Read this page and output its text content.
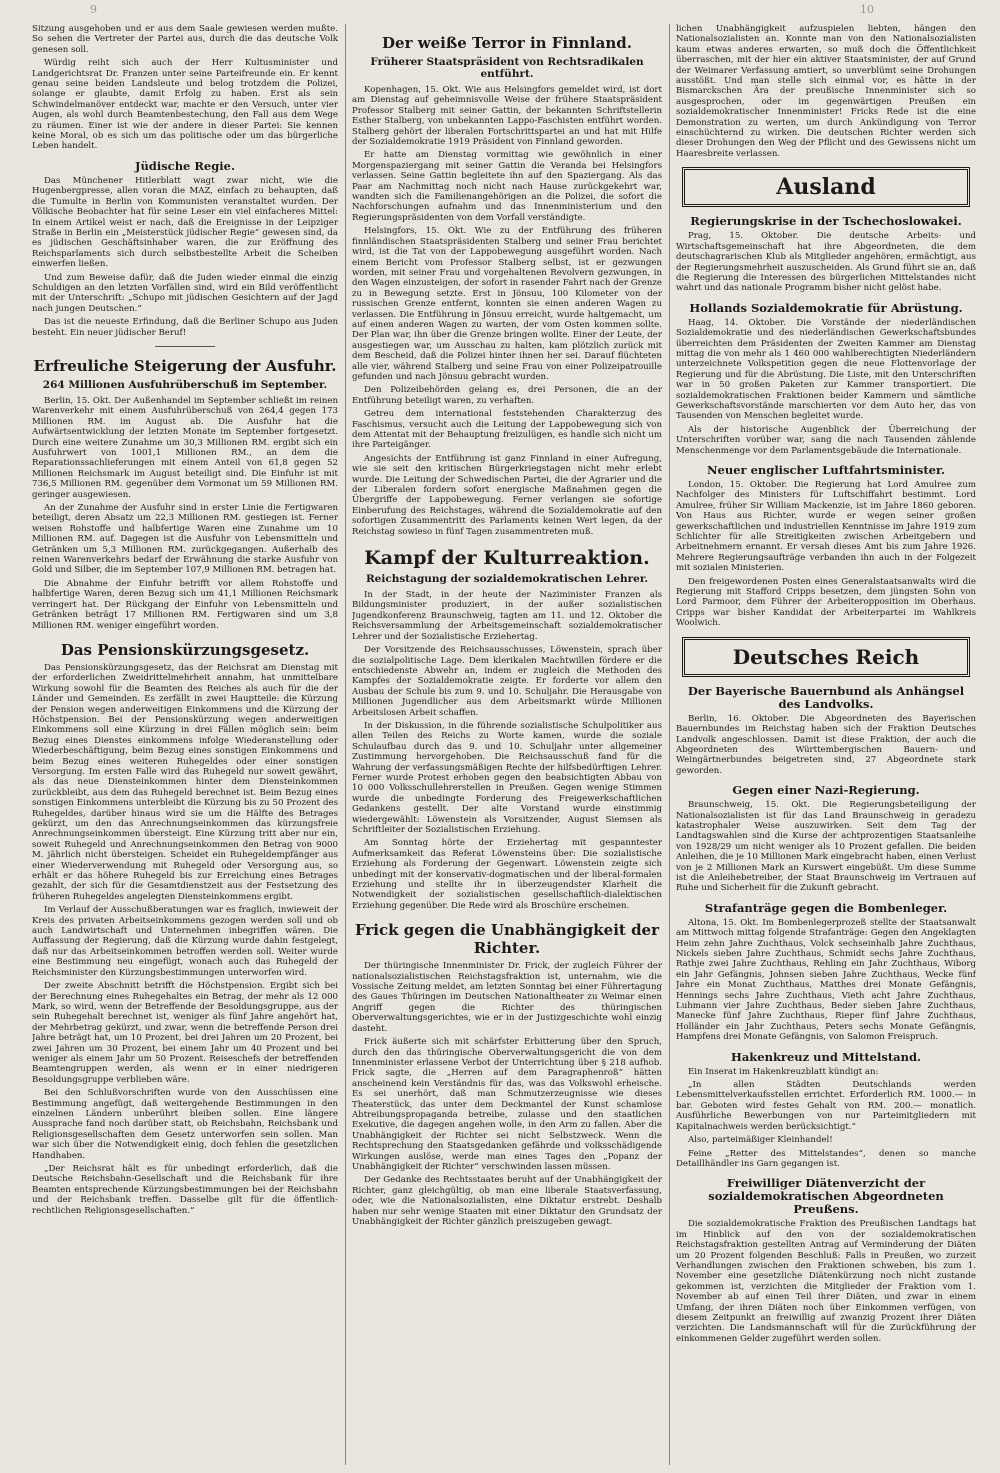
9	10

Sitzung ausgehoben und er aus dem Saale gewiesen werden mußte. So sehen die Vertreter der Partei aus, durch die das deutsche Volk genesen soll.

Würdig reiht sich auch der Herr Kultusminister und Landgerichtsrat Dr. Franzen unter seine Parteifreunde ein. Er kennt genau seine beiden Landsleute und belog trotzdem die Polizei, solange er glaubte, damit Erfolg zu haben. Erst als sein Schwindelmanöver entdeckt war, machte er den Versuch, unter vier Augen, als wohl durch Beamtenbestechung, den Fall aus dem Wege zu räumen. Einer ist wie der andere in dieser Partei: Sie kennen keine Moral, ob es sich um das politische oder um das bürgerliche Leben handelt.

Jüdische Regie.

Das Münchener Hitlerblatt wagt zwar nicht, wie die Hugenbergpresse, allen voran die MAZ, einfach zu behaupten, daß die Tumulte in Berlin von Kommunisten veranstaltet wurden. Der Völkische Beobachter hat für seine Leser ein viel einfacheres Mittel: In einem Artikel weist er nach, daß die Ereignisse in der Leipziger Straße in Berlin ein „Meisterstück jüdischer Regie“ gewesen sind, da es jüdischen Geschäftsinhaber waren, die zur Eröffnung des Reichsparlaments sich durch selbstbestellte Arbeit die Scheiben einwerfen ließen.

Und zum Beweise dafür, daß die Juden wieder einmal die einzig Schuldigen an den letzten Vorfällen sind, wird ein Bild veröffentlicht mit der Unterschrift: „Schupo mit jüdischen Gesichtern auf der Jagd nach jungen Deutschen.“

Das ist die neueste Erfindung, daß die Berliner Schupo aus Juden besteht. Ein neuer jüdischer Beruf!

Erfreuliche Steigerung der Ausfuhr.
264 Millionen Ausfuhrüberschuß im September.

Berlin, 15. Okt. Der Außenhandel im September schließt im reinen Warenverkehr mit einem Ausfuhrüberschuß von 264,4 gegen 173 Millionen RM. im August ab. Die Ausfuhr hat die Aufwärtsentwicklung der letzten Monate im September fortgesetzt. Durch eine weitere Zunahme um 30,3 Millionen RM. ergibt sich ein Ausfuhrwert von 1001,1 Millionen RM., an dem die Reparationssachlieferungen mit einem Anteil von 61,8 gegen 52 Millionen Reichsmark im August beteiligt sind. Die Einfuhr ist mit 736,5 Millionen RM. gegenüber dem Vormonat um 59 Millionen RM. geringer ausgewiesen.

An der Zunahme der Ausfuhr sind in erster Linie die Fertigwaren beteiligt, deren Absatz um 22,3 Millionen RM. gestiegen ist. Ferner weisen Rohstoffe und halbfertige Waren eine Zunahme um 10 Millionen RM. auf. Dagegen ist die Ausfuhr von Lebensmitteln und Getränken um 5,3 Millionen RM. zurückgegangen. Außerhalb des reinen Warenverkehrs bedarf der Erwähnung die starke Ausfuhr von Gold und Silber, die im September 107,9 Millionen RM. betragen hat.

Die Abnahme der Einfuhr betrifft vor allem Rohstoffe und halbfertige Waren, deren Bezug sich um 41,1 Millionen Reichsmark verringert hat. Der Rückgang der Einfuhr von Lebensmitteln und Getränken beträgt 17 Millionen RM. Fertigwaren sind um 3,8 Millionen RM. weniger eingeführt worden.

Das Pensionskürzungsgesetz.

Das Pensionskürzungsgesetz, das der Reichsrat am Dienstag mit der erforderlichen Zweidrittelmehrheit annahm, hat unmittelbare Wirkung sowohl für die Beamten des Reiches als auch für die der Länder und Gemeinden. Es zerfällt in zwei Hauptteile: die Kürzung der Pension wegen anderweitigen Einkommens und die Kürzung der Höchstpension. Bei der Pensionskürzung wegen anderweitigen Einkommens soll eine Kürzung in drei Fällen möglich sein: beim Bezug eines Dienstes einkommens infolge Wiederanstellung oder Wiederbeschäftigung, beim Bezug eines sonstigen Einkommens und beim Bezug eines weiteren Ruhegeldes oder einer sonstigen Versorgung. Im ersten Falle wird das Ruhegeld nur soweit gewährt, als das neue Diensteinkommen hinter dem Diensteinkommen zurückbleibt, aus dem das Ruhegeld berechnet ist. Beim Bezug eines sonstigen Einkommens unterbleibt die Kürzung bis zu 50 Prozent des Ruhegeldes, darüber hinaus wird sie um die Hälfte des Betrages gekürzt, um den das Anrechnungseinkommen das kürzungsfreie Anrechnungseinkommen übersteigt. Eine Kürzung tritt aber nur ein, soweit Ruhegeld und Anrechnungseinkommen den Betrag von 9000 M. jährlich nicht übersteigen. Scheidet ein Ruhegeldempfänger aus einer Wiederverwendung mit Ruhegeld oder Versorgung aus, so erhält er das höhere Ruhegeld bis zur Erreichung eines Betrages gezahlt, der sich für die Gesamtdienstzeit aus der Festsetzung des früheren Ruhegeldes angelegten Diensteinkommens ergibt.

Im Verlauf der Ausschußberatungen war es fraglich, inwieweit der Kreis des privaten Arbeitseinkommens gezogen werden soll und ob auch Landwirtschaft und Unternehmen inbegriffen wären. Die Auffassung der Regierung, daß die Kürzung wurde dahin festgelegt, daß nur das Arbeitseinkommen betroffen werden soll. Weiter wurde eine Bestimmung neu eingefügt, wonach auch das Ruhegeld der Reichsminister den Kürzungsbestimmungen unterworfen wird.

Der zweite Abschnitt betrifft die Höchstpension. Ergibt sich bei der Berechnung eines Ruhegehaltes ein Betrag, der mehr als 12 000 Mark, so wird, wenn der Betreffende der Besoldungsgruppe, aus der sein Ruhegehalt berechnet ist, weniger als fünf Jahre angehört hat, der Mehrbetrag gekürzt, und zwar, wenn die betreffende Person drei Jahre beträgt hat, um 10 Prozent, bei drei Jahren um 20 Prozent, bei zwei Jahren um 30 Prozent, bei einem Jahr um 40 Prozent und bei weniger als einem Jahr um 50 Prozent. Reiseschefs der betreffenden Beamtengruppen werden, als wenn er in einer niedrigeren Besoldungsgruppe verblieben wäre.

Bei den Schlußvorschriften wurde von den Ausschüssen eine Bestimmung angefügt, daß weitergehende Bestimmungen in den einzelnen Ländern unberührt bleiben sollen. Eine längere Aussprache fand noch darüber statt, ob Reichsbahn, Reichsbank und Religionsgesellschaften dem Gesetz unterworfen sein sollen. Man war sich über die Notwendigkeit einig, doch fehlen die gesetzlichen Handhaben.

„Der Reichsrat hält es für unbedingt erforderlich, daß die Deutsche Reichsbahn-Gesellschaft und die Reichsbank für ihre Beamten entsprechende Kürzungsbestimmungen bei der Reichsbahn und der Reichsbank treffen. Dasselbe gilt für die öffentlich-rechtlichen Religionsgesellschaften.“

Der weiße Terror in Finnland.
Früherer Staatspräsident von Rechtsradikalen entführt.

Kopenhagen, 15. Okt. Wie aus Helsingfors gemeldet wird, ist dort am Dienstag auf geheimnisvolle Weise der frühere Staatspräsident Professor Stalberg mit seiner Gattin, der bekannten Schriftstellerin Esther Stalberg, von unbekannten Lappo-Faschisten entführt worden. Stalberg gehört der liberalen Fortschrittspartei an und hat mit Hilfe der Sozialdemokratie 1919 Präsident von Finnland geworden.

Er hatte am Dienstag vormittag wie gewöhnlich in einer Morgenspaziergang mit seiner Gattin die Veranda bei Helsingfors verlassen. Seine Gattin begleitete ihn auf den Spaziergang. Als das Paar am Nachmittag noch nicht nach Hause zurückgekehrt war, wandten sich die Familienangehörigen an die Polizei, die sofort die Nachforschungen aufnahm und das Innenministerium und den Regierungspräsidenten von dem Vorfall verständigte.

Helsingfors, 15. Okt. Wie zu der Entführung des früheren finnländischen Staatspräsidenten Stalberg und seiner Frau berichtet wird, ist die Tat von der Lappobewegung ausgeführt worden. Nach einem Bericht vom Professor Stalberg selbst, ist er gezwungen worden, mit seiner Frau und vorgehaltenen Revolvern gezwungen, in den Wagen einzusteigen, der sofort in rasender Fahrt nach der Grenze zu in Bewegung setzte. Erst in Jönsuu, 100 Kilometer von der russischen Grenze entfernt, konnten sie einen anderen Wagen zu verlassen. Die Entführung in Jönsuu erreicht, wurde haltgemacht, um auf einen anderen Wagen zu warten, der vom Osten kommen sollte. Der Plan war, ihn über die Grenze bringen wollte. Einer der Leute, der ausgestiegen war, um Ausschau zu halten, kam plötzlich zurück mit dem Bescheid, daß die Polizei hinter ihnen her sei. Darauf flüchteten alle vier, während Stalberg und seine Frau von einer Polizeipatrouille gefunden und nach Jönsuu gebracht wurden.

Den Polizeibehörden gelang es, drei Personen, die an der Entführung beteiligt waren, zu verhaften.

Getreu dem international feststehenden Charakterzug des Faschismus, versucht auch die Leitung der Lappobewegung sich von dem Attentat mit der Behauptung freizulügen, es handle sich nicht um ihre Parteigänger.

Angesichts der Entführung ist ganz Finnland in einer Aufregung, wie sie seit den kritischen Bürgerkriegstagen nicht mehr erlebt wurde. Die Leitung der Schwedischen Partei, die der Agrarier und die der Liberalen fordern sofort energische Maßnahmen gegen die Übergriffe der Lappobewegung. Ferner verlangen sie sofortige Einberufung des Reichstages, während die Sozialdemokratie auf den sofortigen Zusammentritt des Parlaments keinen Wert legen, da der Reichstag sowieso in fünf Tagen zusammentreten muß.

Kampf der Kulturreaktion.
Reichstagung der sozialdemokratischen Lehrer.

In der Stadt, in der heute der Naziminister Franzen als Bildungsminister produziert, in der außer sozialistischen Jugendkonferenz Braunschweig, tagten am 11. und 12. Oktober die Reichsversammlung der Arbeitsgemeinschaft sozialdemokratischer Lehrer und der Sozialistische Erziehertag.

Der Vorsitzende des Reichsausschusses, Löwenstein, sprach über die sozialpolitische Lage. Dem klerikalen Machtwillen fördere er die entschiedenste Abwehr an, indem er zugleich die Methoden des Kampfes der Sozialdemokratie zeigte. Er forderte vor allem den Ausbau der Schule bis zum 9. und 10. Schuljahr. Die Herausgabe von Millionen Jugendlicher aus dem Arbeitsmarkt würde Millionen Arbeitslosen Arbeit schaffen.

In der Diskussion, in die führende sozialistische Schulpolitiker aus allen Teilen des Reichs zu Worte kamen, wurde die soziale Schulaufbau durch das 9. und 10. Schuljahr unter allgemeiner Zustimmung hervorgehoben. Die Reichsausschuß fand für die Wahrung der verfassungsmäßigen Rechte der hilfsbedürftigen Lehrer. Ferner wurde Protest erhoben gegen den beabsichtigten Abbau von 10 000 Volksschullehrerstellen in Preußen. Gegen wenige Stimmen wurde die unbedingte Forderung des Freigewerkschaftlichen Gedankens gestellt. Der alte Vorstand wurde einstimmig wiedergewählt: Löwenstein als Vorsitzender, August Siemsen als Schriftleiter der Sozialistischen Erziehung.

Am Sonntag hörte der Erziehertag mit gespanntester Aufmerksamkeit das Referat Löwensteins über: Die sozialistische Erziehung als Forderung der Gegenwart. Löwenstein zeigte sich unbedingt mit der konservativ-dogmatischen und der liberal-formalen Erziehung und stellte ihr in überzeugendster Klarheit die Notwendigkeit der sozialistischen gesellschaftlich-dialektischen Erziehung gegenüber. Die Rede wird als Broschüre erscheinen.

Frick gegen die Unabhängigkeit der Richter.

Der thüringische Innenminister Dr. Frick, der zugleich Führer der nationalsozialistischen Reichstagsfraktion ist, unternahm, wie die Vossische Zeitung meldet, am letzten Sonntag bei einer Führertagung des Gaues Thüringen im Deutschen Nationaltheater zu Weimar einen Angriff gegen die Richter des thüringischen Oberverwaltungsgerichtes, wie er in der Justizgeschichte wohl einzig dasteht.

Frick äußerte sich mit schärfster Erbitterung über den Spruch, durch den das thüringische Oberverwaltungsgericht die von dem Innenminister erlassene Verbot der Unterrichtung über § 218 aufhob. Frick sagte, die „Herren auf dem Paragraphenroß“ hätten anscheinend kein Verständnis für das, was das Volkswohl erheische. Es sei unerhört, daß man Schmutzerzeugnisse wie dieses Theaterstück, das unter dem Deckmantel der Kunst schamlose Abtreibungspropaganda betreibe, zulasse und den staatlichen Exekutive, die dagegen angehen wolle, in den Arm zu fallen. Aber die Unabhängigkeit der Richter sei nicht Selbstzweck. Wenn die Rechtsprechung den Staatsgedanken gefährde und volksschädigende Wirkungen auslöse, werde man eines Tages den „Popanz der Unabhängigkeit der Richter“ verschwinden lassen müssen.

Der Gedanke des Rechtsstaates beruht auf der Unabhängigkeit der Richter, ganz gleichgültig, ob man eine liberale Staatsverfassung, oder, wie die Nationalsozialisten, eine Diktatur erstrebt. Deshalb haben nur sehr wenige Staaten mit einer Diktatur den Grundsatz der Unabhängigkeit der Richter gänzlich preiszugeben gewagt.

lichen Unabhängigkeit aufzuspielen liebten, hängen den Nationalsozialisten an. Konnte man von den Nationalsozialisten kaum etwas anderes erwarten, so muß doch die Öffentlichkeit überraschen, mit der hier ein aktiver Staatsminister, der auf Grund der Weimarer Verfassung amtiert, so unverblümt seine Drohungen ausstößt. Und man stelle sich einmal vor, es hätte in der Bismarckschen Ära der preußische Innenminister sich so ausgesprochen, oder im gegenwärtigen Preußen ein sozialdemokratischer Innenminister! Fricks Rede ist die eine Demonstration zu werten, um durch Ankündigung von Terror einschüchternd zu wirken. Die deutschen Richter werden sich dieser Drohungen den Weg der Pflicht und des Gewissens nicht um Haaresbreite verlassen.

Ausland
Regierungskrise in der Tschechoslowakei.

Prag, 15. Oktober. Die deutsche Arbeits- und Wirtschaftsgemeinschaft hat ihre Abgeordneten, die dem deutschagrarischen Klub als Mitglieder angehören, ermächtigt, aus der Regierungsmehrheit auszuscheiden. Als Grund führt sie an, daß die Regierung die Interessen des bürgerlichen Mittelstandes nicht wahrt und das nationale Programm bisher nicht gelöst habe.

Hollands Sozialdemokratie für Abrüstung.

Haag, 14. Oktober. Die Vorstände der niederländischen Sozialdemokratie und des niederländischen Gewerkschaftsbundes überreichten dem Präsidenten der Zweiten Kammer am Dienstag mittag die von mehr als 1 460 000 wahlberechtigten Niederländern unterzeichnete Volkspetition gegen die neue Flottenvorlage der Regierung und für die Abrüstung. Die Liste, mit den Unterschriften war in 50 großen Paketen zur Kammer transportiert. Die sozialdemokratischen Fraktionen beider Kammern und sämtliche Gewerkschaftsvorstände marschierten vor dem Auto her, das von Tausenden von Menschen begleitet wurde.

Als der historische Augenblick der Überreichung der Unterschriften vorüber war, sang die nach Tausenden zählende Menschenmenge vor dem Parlamentsgebäude die Internationale.

Neuer englischer Luftfahrtsminister.

London, 15. Oktober. Die Regierung hat Lord Amulree zum Nachfolger des Ministers für Luftschiffahrt bestimmt. Lord Amulree, früher Sir William Mackenzie, ist im Jahre 1860 geboren. Von Haus aus Richter, wurde er wegen seiner großen gewerkschaftlichen und industriellen Kenntnisse im Jahre 1919 zum Schlichter für alle Streitigkeiten zwischen Arbeitgebern und Arbeitnehmern ernannt. Er versah dieses Amt bis zum Jahre 1926. Mehrere Regierungsaufträge verbanden ihn auch in der Folgezeit mit sozialen Ministerien.

Den freigewordenen Posten eines Generalstaatsanwalts wird die Regierung mit Stafford Cripps besetzen, dem jüngsten Sohn von Lord Parmoor, dem Führer der Arbeiteropposition im Oberhaus. Cripps war bisher Kandidat der Arbeiterpartei im Wahlkreis Woolwich.

Deutsches Reich
Der Bayerische Bauernbund als Anhängsel des Landvolks.

Berlin, 16. Oktober. Die Abgeordneten des Bayerischen Bauernbundes im Reichstag haben sich der Fraktion Deutsches Landvolk angeschlossen. Damit ist diese Fraktion, der auch die Abgeordneten des Württembergischen Bauern- und Weingärtnerbundes beigetreten sind, 27 Abgeordnete stark geworden.

Gegen einer Nazi-Regierung.

Braunschweig, 15. Okt. Die Regierungsbeteiligung der Nationalsozialisten ist für das Land Braunschweig in geradezu katastrophaler Weise auszuwirken. Seit dem Tag der Landtagswahlen sind die Kurse der achtprozentigen Staatsanleihe von 1928/29 um nicht weniger als 10 Prozent gefallen. Die beiden Anleihen, die je 10 Millionen Mark eingebracht haben, einen Verlust von je 2 Millionen Mark an Kurswert eingebüßt. Um diese Summe ist die Anleihebetreiber, der Staat Braunschweig im Vertrauen auf Ruhe und Sicherheit für die Zukunft gebracht.

Strafanträge gegen die Bombenleger.

Altona, 15. Okt. Im Bombenlegerprozeß stellte der Staatsanwalt am Mittwoch mittag folgende Strafanträge: Gegen den Angeklagten Heim zehn Jahre Zuchthaus, Volck sechseinhalb Jahre Zuchthaus, Nickels sieben Jahre Zuchthaus, Schmidt sechs Jahre Zuchthaus, Rathje zwei Jahre Zuchthaus, Rehling ein Jahr Zuchthaus, Wiborg ein Jahr Gefängnis, Johnsen sieben Jahre Zuchthaus, Wecke fünf Jahre ein Monat Zuchthaus, Matthes drei Monate Gefängnis, Hennings sechs Jahre Zuchthaus, Vieth acht Jahre Zuchthaus, Luhmann vier Jahre Zuchthaus, Beder sieben Jahre Zuchthaus, Manecke fünf Jahre Zuchthaus, Rieper fünf Jahre Zuchthaus, Holländer ein Jahr Zuchthaus, Peters sechs Monate Gefängnis, Hampfens drei Monate Gefängnis, von Salomon Freispruch.

Hakenkreuz und Mittelstand.

Ein Inserat im Hakenkreuzblatt kündigt an:

„In allen Städten Deutschlands werden Lebensmittelverkaufsstellen errichtet. Erforderlich RM. 1000.— in bar. Geboten wird festes Gehalt von RM. 200.— monatlich. Ausführliche Bewerbungen von nur Parteimitgliedern mit Kapitalnachweis werden berücksichtigt.“

Also, parteimäßiger Kleinhandel!

Feine „Retter des Mittelstandes“, denen so manche Detaillhändler ins Garn gegangen ist.

Freiwilliger Diätenverzicht der sozialdemokratischen Abgeordneten Preußens.

Die sozialdemokratische Fraktion des Preußischen Landtags hat im Hinblick auf den von der sozialdemokratischen Reichstagsfraktion gestellten Antrag auf Verminderung der Diäten um 20 Prozent folgenden Beschluß: Falls in Preußen, wo zurzeit Verhandlungen zwischen den Fraktionen schweben, bis zum 1. November eine gesetzliche Diätenkürzung noch nicht zustande gekommen ist, verzichten die Mitglieder der Fraktion vom 1. November ab auf einen Teil ihrer Diäten, und zwar in einem Umfang, der ihren Diäten noch über Einkommen verfügen, von diesem Zeitpunkt an freiwillig auf zwanzig Prozent ihrer Diäten verzichten. Die Landsmannschaft will für die Zurückführung der einkommenen Gelder zugeführt werden sollen.
